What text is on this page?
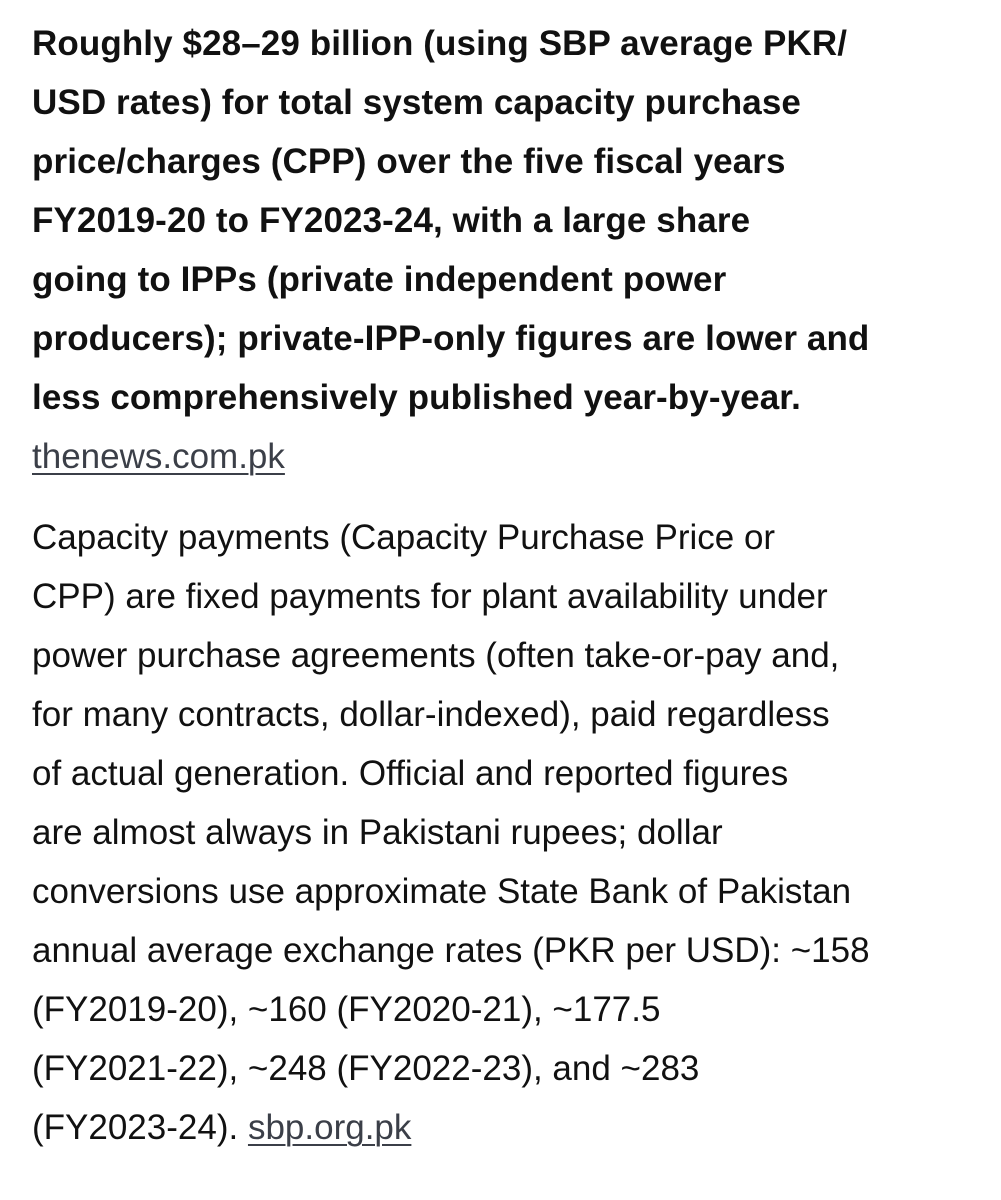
Roughly $28–29 billion (using SBP average PKR/
USD rates) for total system capacity purchase
price/charges (CPP) over the five fiscal years
FY2019-20 to FY2023-24, with a large share
going to IPPs (private independent power
producers); private-IPP-only figures are lower and
less comprehensively published year-by-year.

thenews.com.pk

Capacity payments (Capacity Purchase Price or
CPP) are fixed payments for plant availability under
power purchase agreements (often take-or-pay and,
for many contracts, dollar-indexed), paid regardless
of actual generation. Official and reported figures
are almost always in Pakistani rupees; dollar
conversions use approximate State Bank of Pakistan
annual average exchange rates (PKR per USD): ~158
(FY2019-20), ~160 (FY2020-21), ~177.5
(FY2021-22), ~248 (FY2022-23), and ~283
(FY2023-24). sbp.org.pk
